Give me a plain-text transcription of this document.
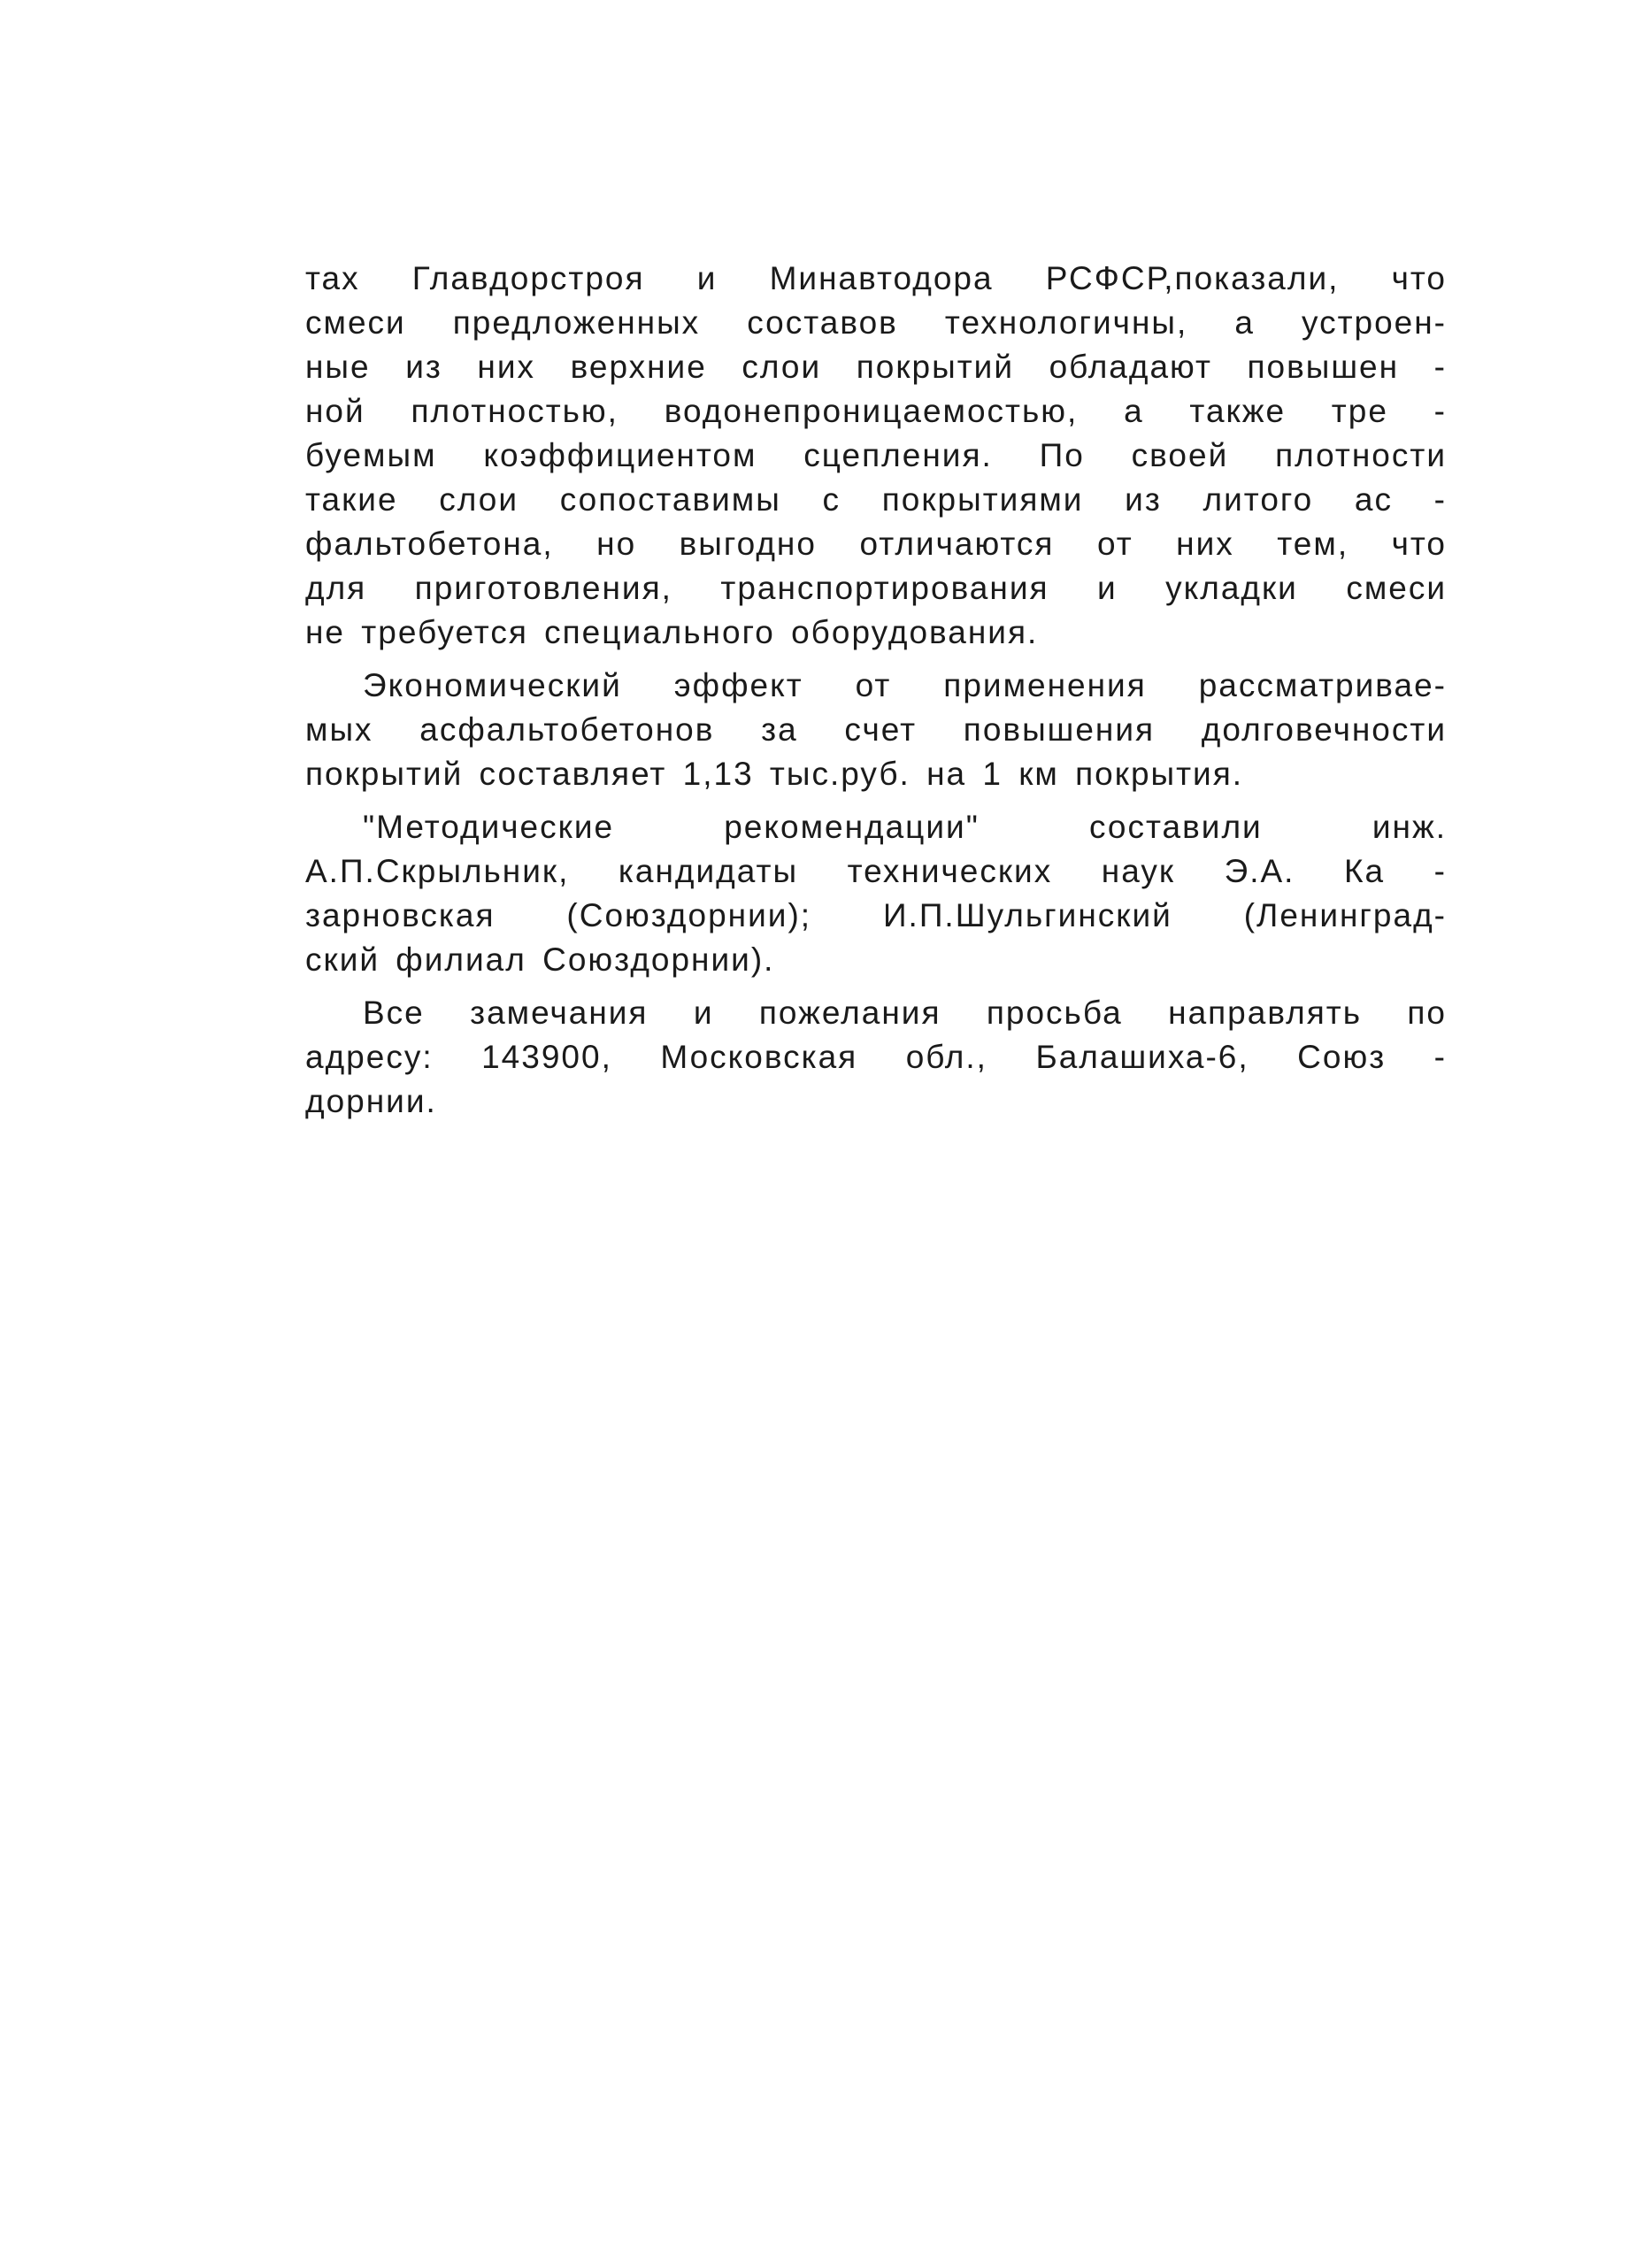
тах Главдорстроя и Минавтодора РСФСР,показали, что
смеси предложенных составов технологичны, а устроен-
ные из них верхние слои покрытий обладают повышен -
ной плотностью, водонепроницаемостью, а также тре -
буемым коэффициентом сцепления. По своей плотности
такие слои сопоставимы с покрытиями из литого ас -
фальтобетона, но выгодно отличаются от них тем, что
для приготовления, транспортирования и укладки смеси
не требуется специального оборудования.
Экономический эффект от применения рассматривае-
мых асфальтобетонов за счет повышения долговечности
покрытий составляет 1,13 тыс.руб. на 1 км покрытия.
"Методические рекомендации" составили инж.
А.П.Скрыльник, кандидаты технических наук Э.А. Ка -
зарновская (Союздорнии); И.П.Шульгинский (Ленинград-
ский филиал Союздорнии).
Все замечания и пожелания просьба направлять по
адресу: 143900, Московская обл., Балашиха-6, Союз -
дорнии.
